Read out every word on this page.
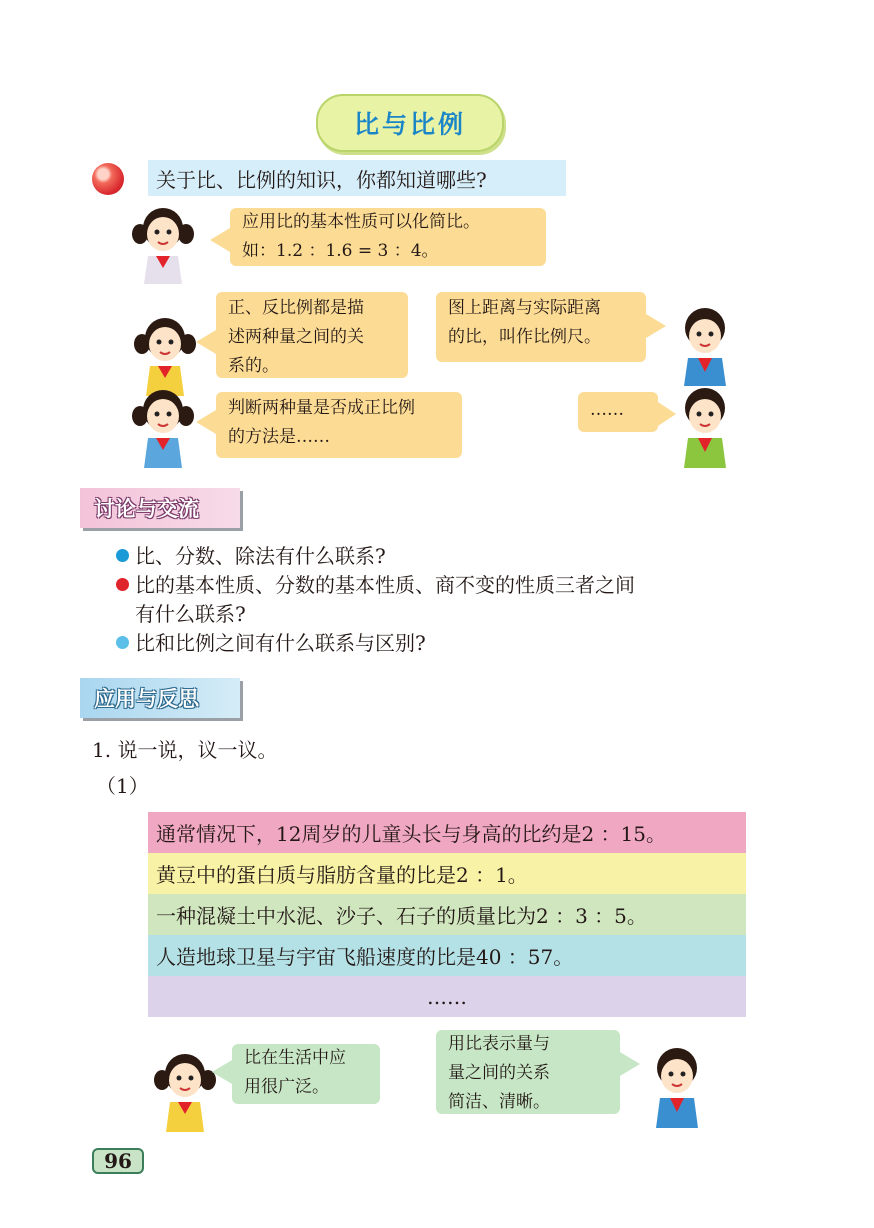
比与比例
关于比、比例的知识，你都知道哪些?
应用比的基本性质可以化简比。
如：1.2 ：1.6 = 3 ：4。
正、反比例都是描
述两种量之间的关
系的。
图上距离与实际距离
的比，叫作比例尺。
判断两种量是否成正比例
的方法是……
……
讨论与交流
比、分数、除法有什么联系?
比的基本性质、分数的基本性质、商不变的性质三者之间
有什么联系?
比和比例之间有什么联系与区别?
应用与反思
1. 说一说，议一议。
（1）
通常情况下，12周岁的儿童头长与身高的比约是2 ：15。
黄豆中的蛋白质与脂肪含量的比是2 ：1。
一种混凝土中水泥、沙子、石子的质量比为2 ：3 ：5。
人造地球卫星与宇宙飞船速度的比是40 ：57。
……
比在生活中应
用很广泛。
用比表示量与
量之间的关系
简洁、清晰。
96
